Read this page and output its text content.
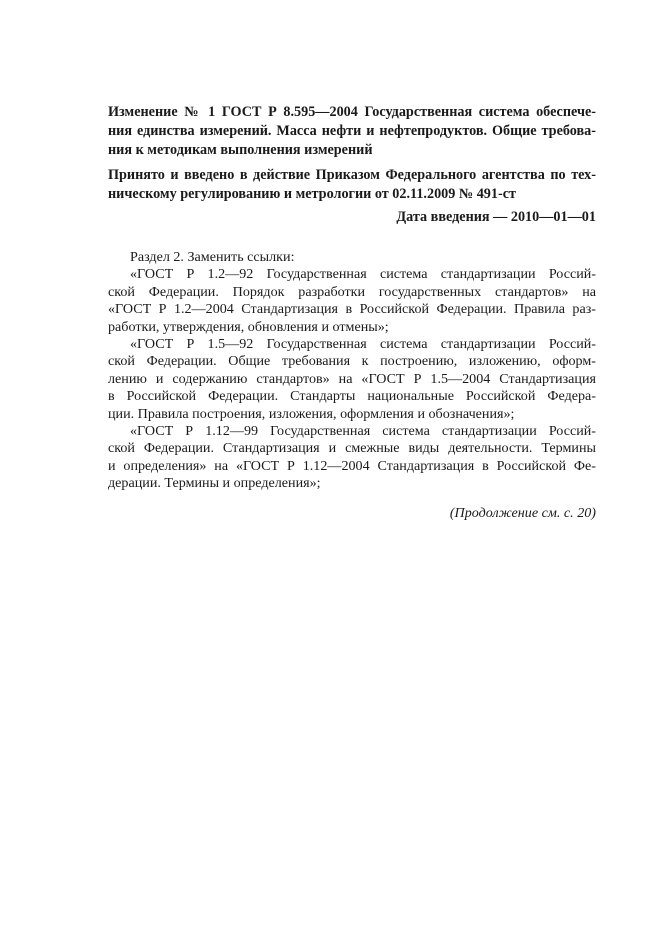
Изменение № 1 ГОСТ Р 8.595—2004 Государственная система обеспече-
ния единства измерений. Масса нефти и нефтепродуктов. Общие требова-
ния к методикам выполнения измерений
Принято и введено в действие Приказом Федерального агентства по тех-
ническому регулированию и метрологии от 02.11.2009 № 491-ст
Дата введения — 2010—01—01
Раздел 2. Заменить ссылки:
«ГОСТ Р 1.2—92 Государственная система стандартизации Россий-
ской Федерации. Порядок разработки государственных стандартов» на
«ГОСТ Р 1.2—2004 Стандартизация в Российской Федерации. Правила раз-
работки, утверждения, обновления и отмены»;
«ГОСТ Р 1.5—92 Государственная система стандартизации Россий-
ской Федерации. Общие требования к построению, изложению, оформ-
лению и содержанию стандартов» на «ГОСТ Р 1.5—2004 Стандартизация
в Российской Федерации. Стандарты национальные Российской Федера-
ции. Правила построения, изложения, оформления и обозначения»;
«ГОСТ Р 1.12—99 Государственная система стандартизации Россий-
ской Федерации. Стандартизация и смежные виды деятельности. Термины
и определения» на «ГОСТ Р 1.12—2004 Стандартизация в Российской Фе-
дерации. Термины и определения»;
(Продолжение см. с. 20)
